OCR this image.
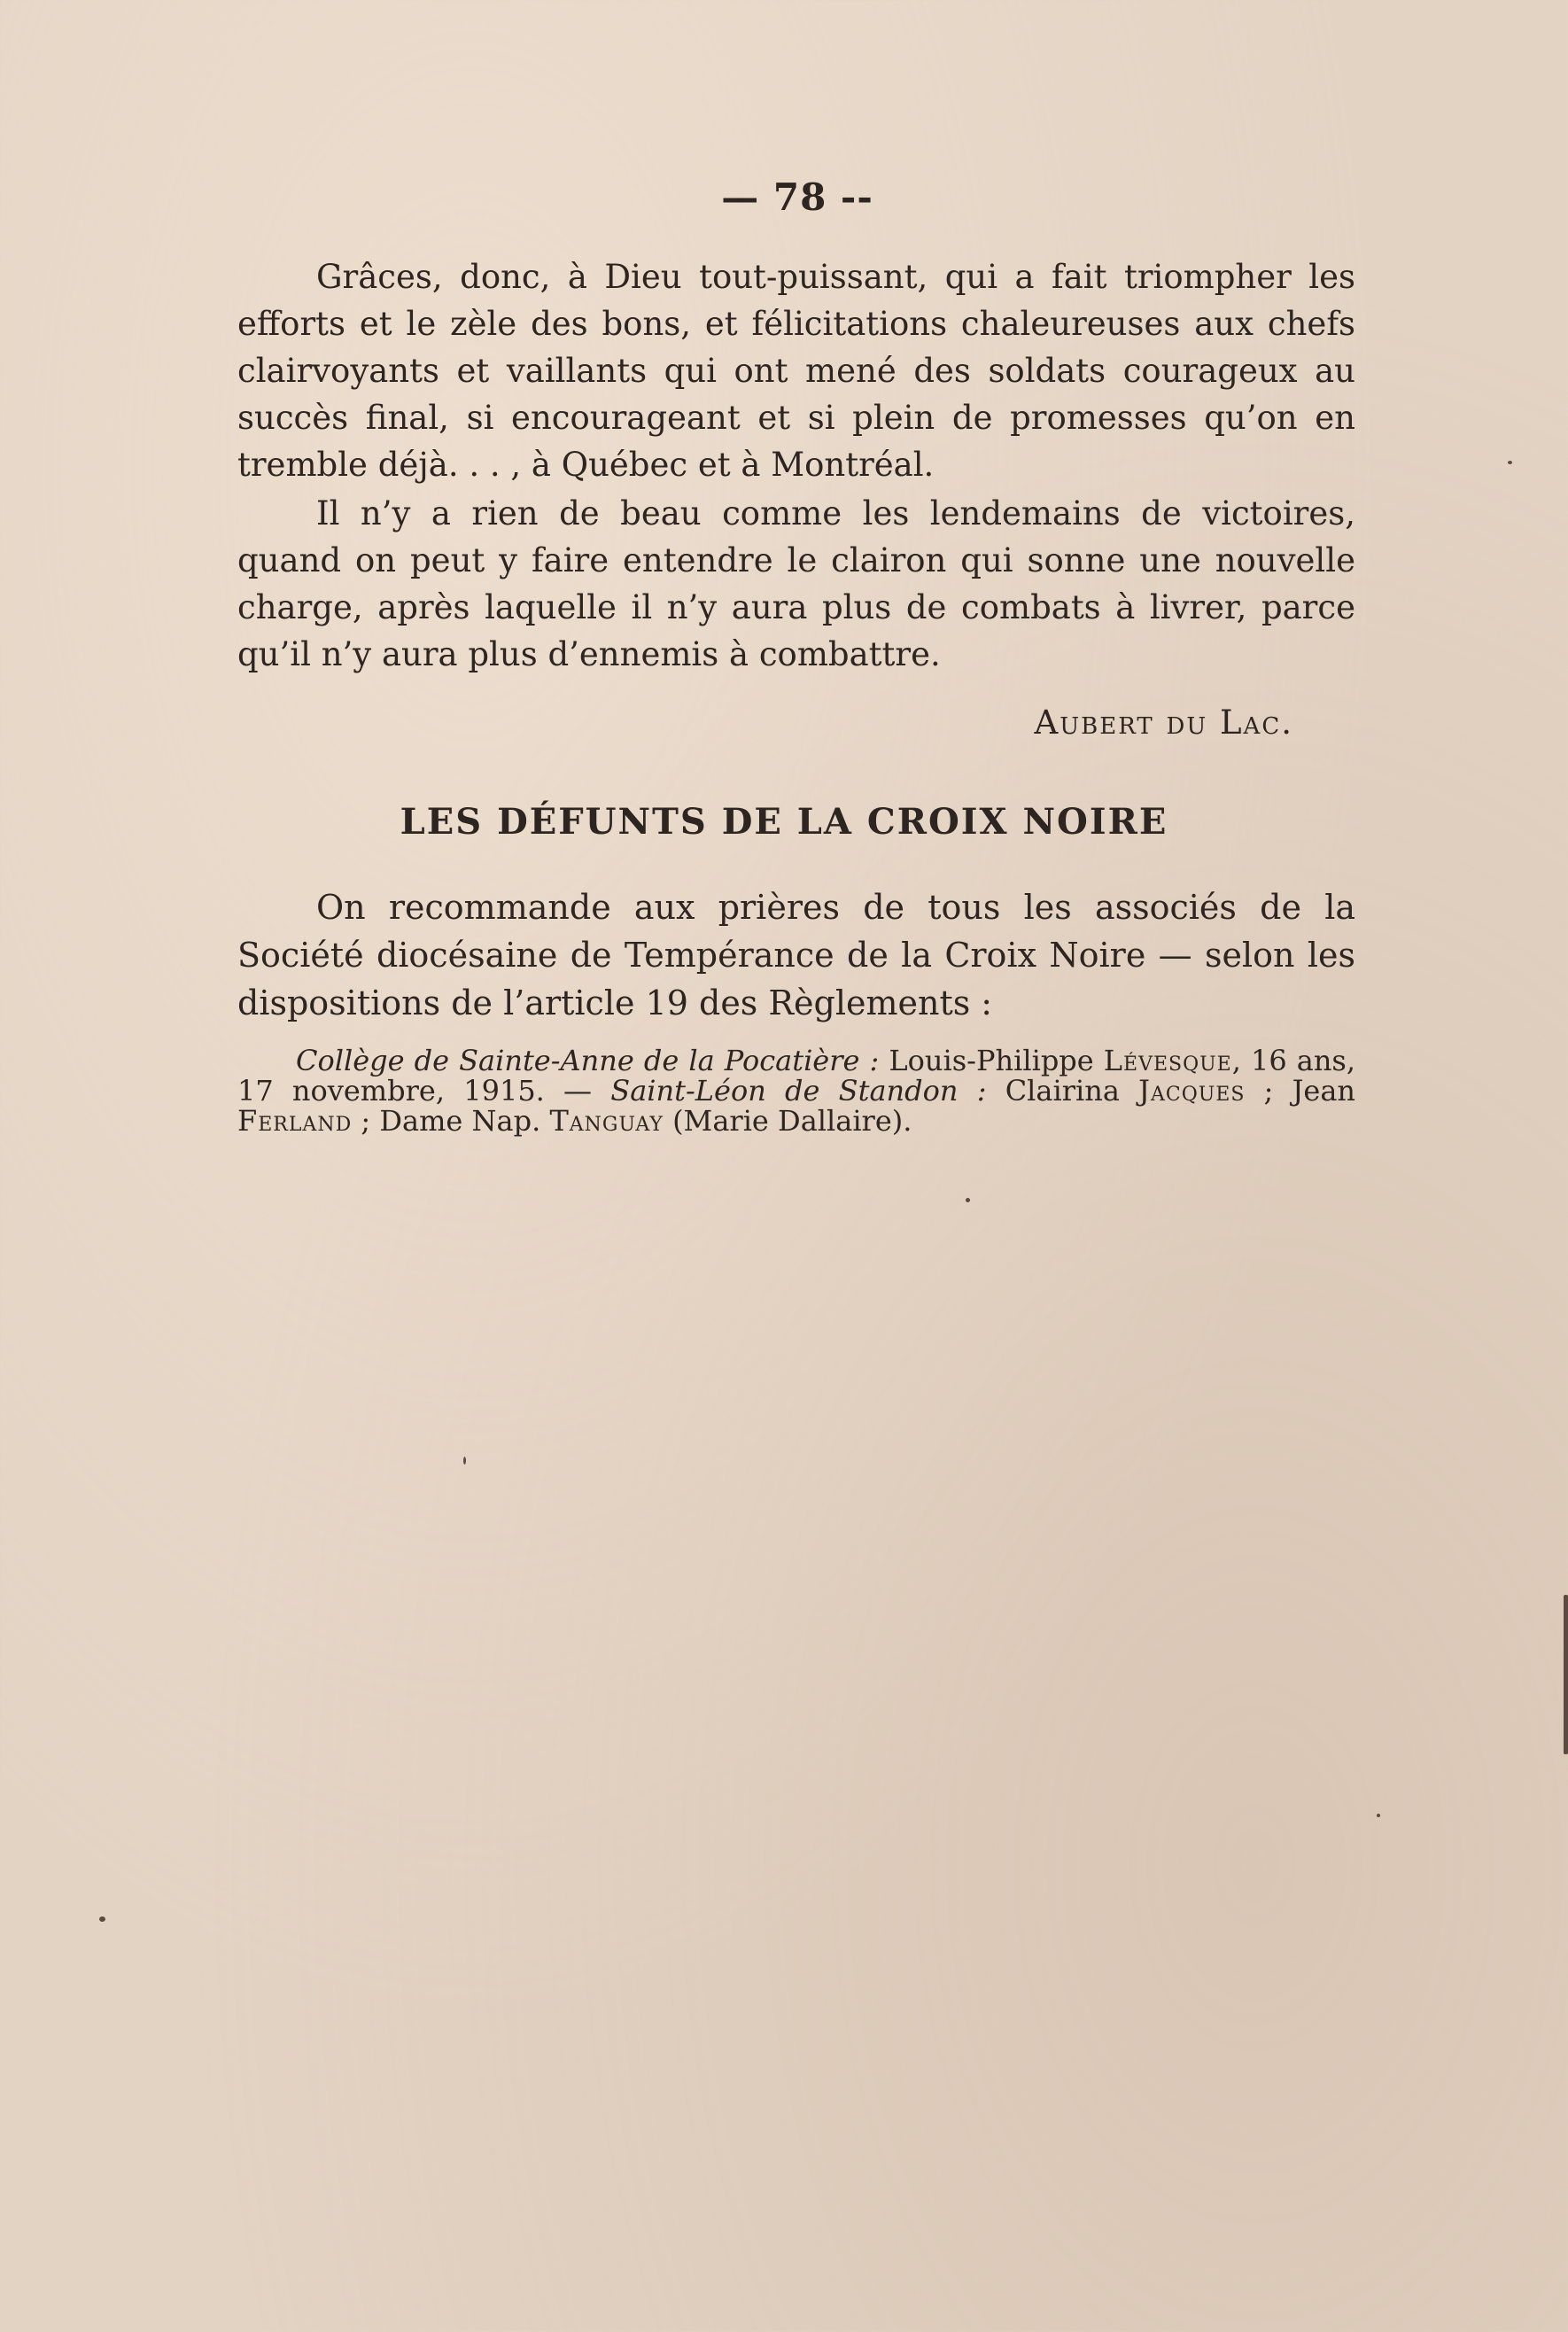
— 78 --

Grâces, donc, à Dieu tout-puissant, qui a fait triompher les efforts et le zèle des bons, et félicitations chaleureuses aux chefs clairvoyants et vaillants qui ont mené des soldats courageux au succès final, si encourageant et si plein de promesses qu’on en tremble déjà. . . , à Québec et à Montréal.

Il n’y a rien de beau comme les lendemains de victoires, quand on peut y faire entendre le clairon qui sonne une nouvelle charge, après laquelle il n’y aura plus de combats à livrer, parce qu’il n’y aura plus d’ennemis à combattre.

Aubert du Lac.
LES DÉFUNTS DE LA CROIX NOIRE

On recommande aux prières de tous les associés de la Société diocésaine de Tempérance de la Croix Noire — selon les dispositions de l’article 19 des Règlements :

Collège de Sainte-Anne de la Pocatière : Louis-Philippe Lévesque, 16 ans, 17 novembre, 1915. — Saint-Léon de Standon : Clairina Jacques ; Jean Ferland ; Dame Nap. Tanguay (Marie Dallaire).
